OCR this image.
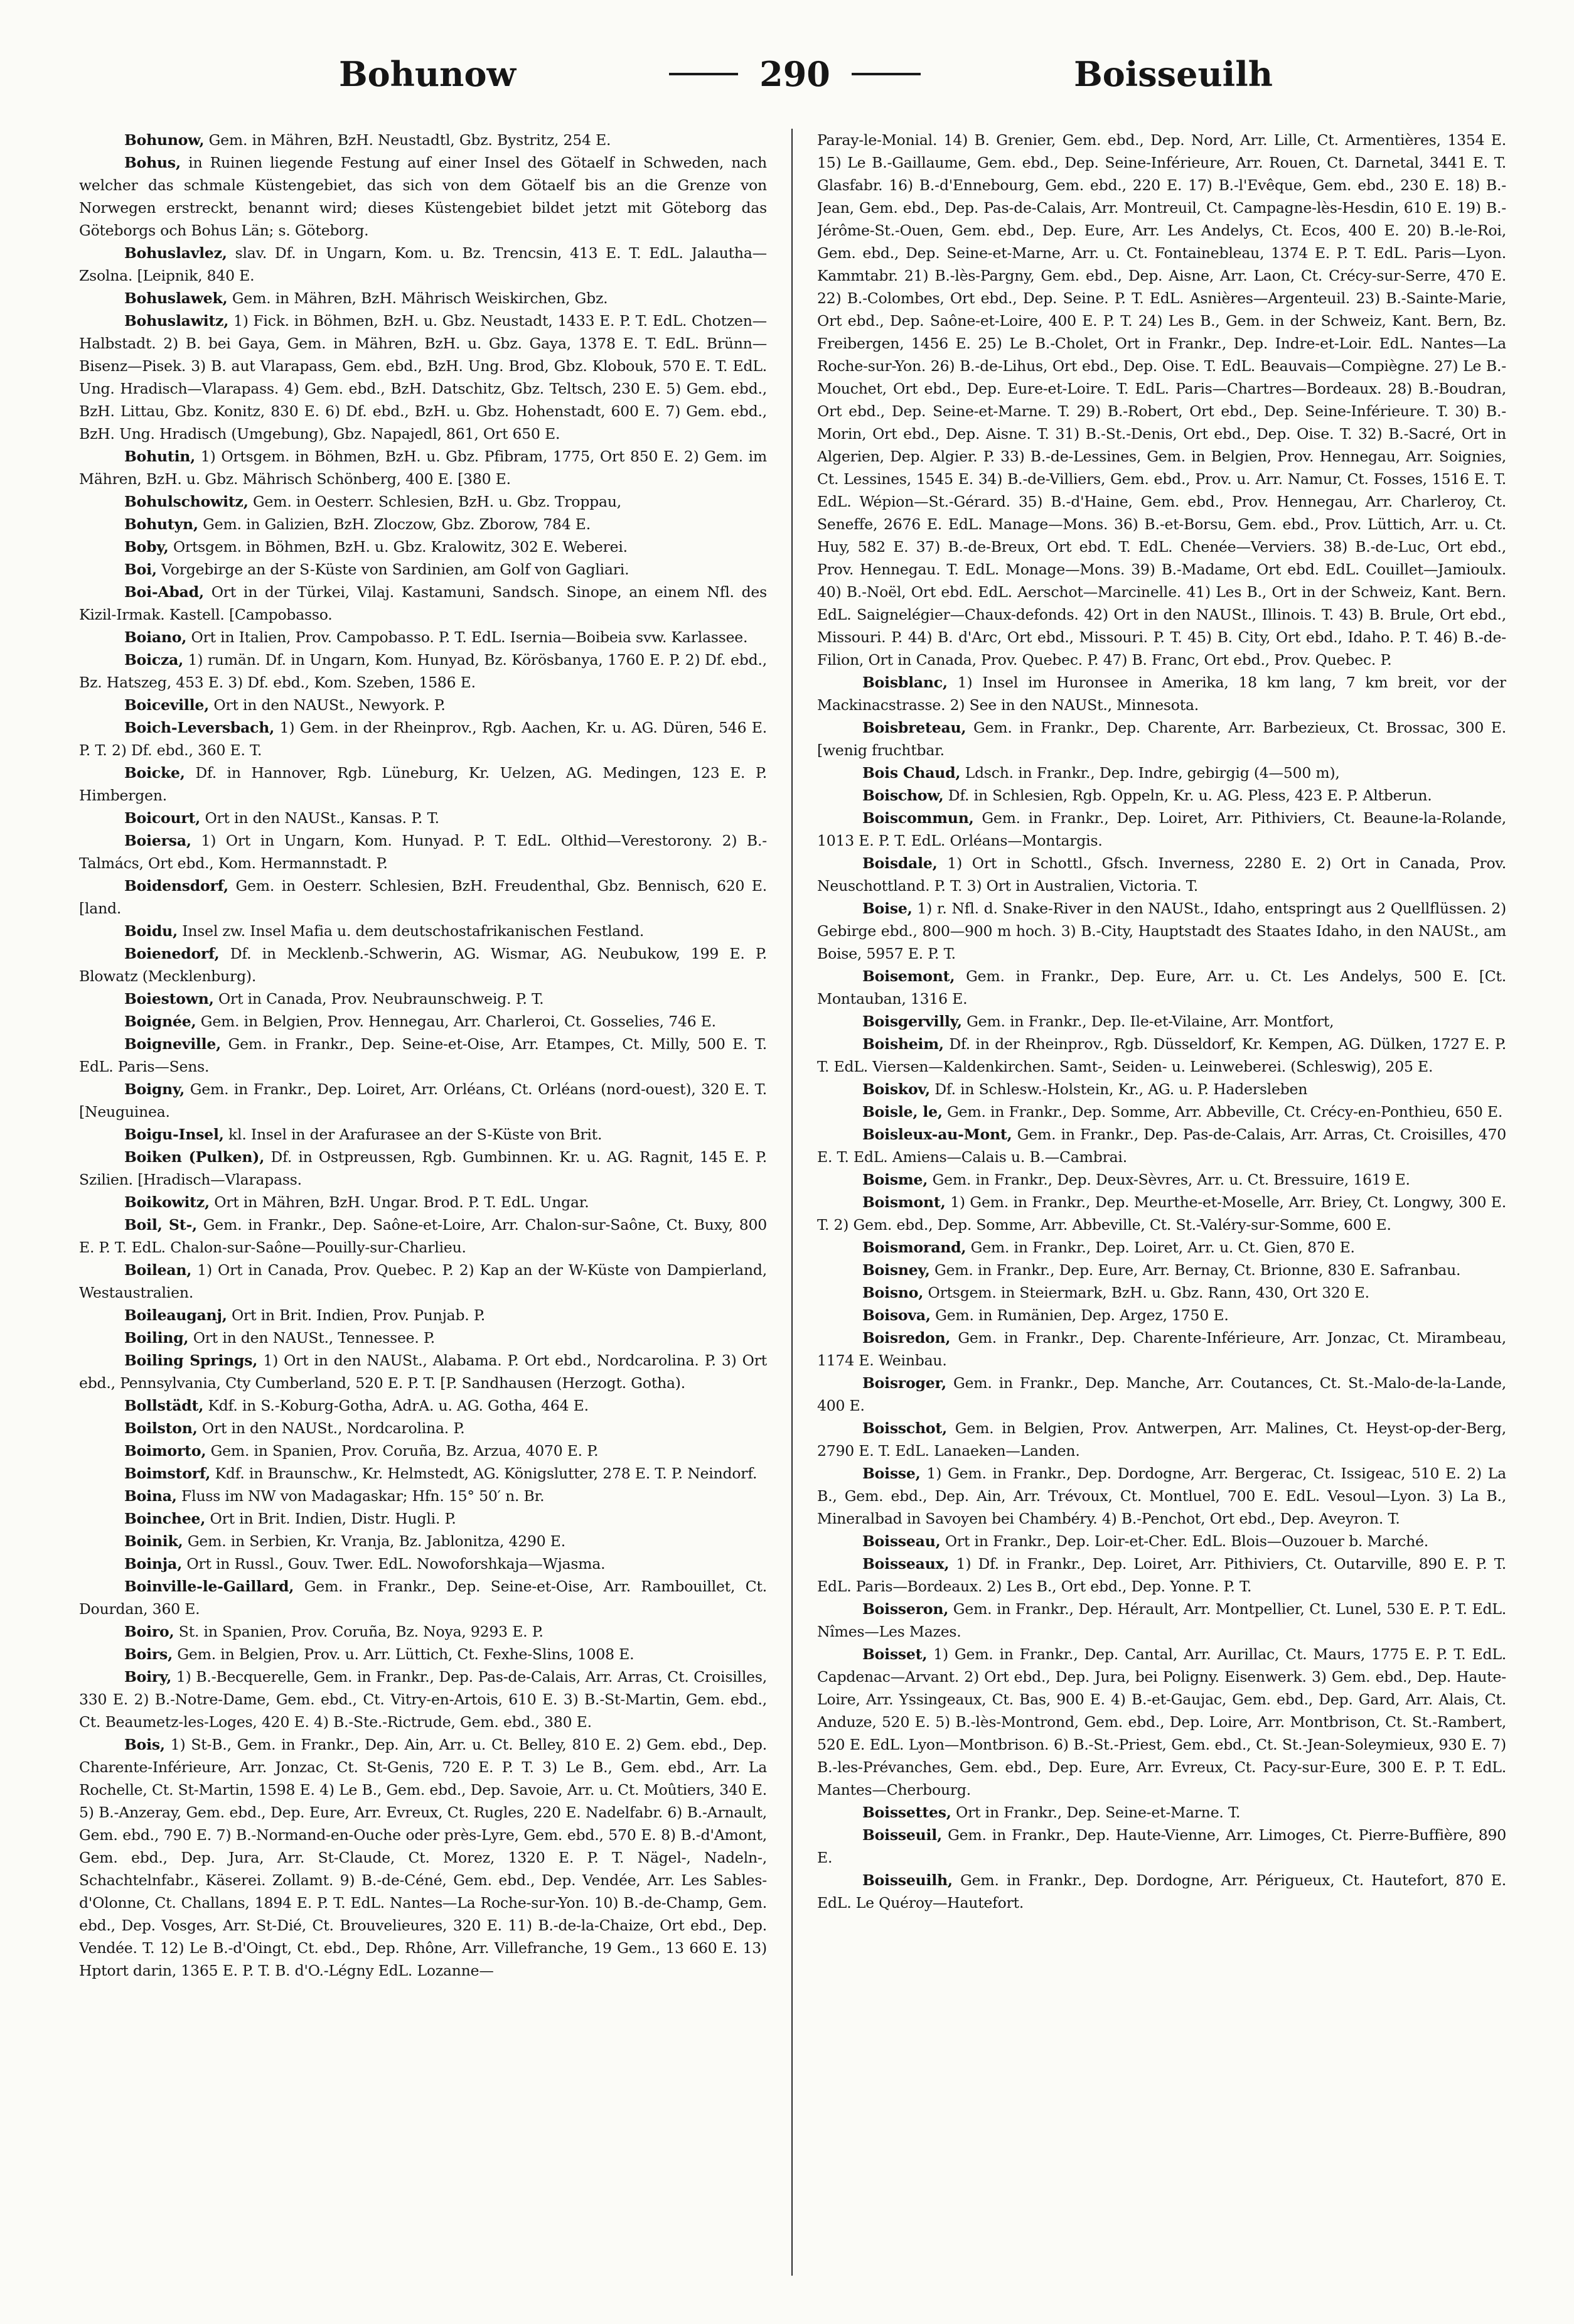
Bohunow	290	Boisseuilh

Bohunow, Gem. in Mähren, BzH. Neustadtl, Gbz. Bystritz, 254 E.

Bohus, in Ruinen liegende Festung auf einer Insel des Götaelf in Schweden, nach welcher das schmale Küstengebiet, das sich von dem Götaelf bis an die Grenze von Norwegen erstreckt, benannt wird; dieses Küstengebiet bildet jetzt mit Göteborg das Göteborgs och Bohus Län; s. Göteborg.

Bohuslavlez, slav. Df. in Ungarn, Kom. u. Bz. Trencsin, 413 E. T. EdL. Jalautha—Zsolna. [Leipnik, 840 E.

Bohuslawek, Gem. in Mähren, BzH. Mährisch Weiskirchen, Gbz.

Bohuslawitz, 1) Fick. in Böhmen, BzH. u. Gbz. Neustadt, 1433 E. P. T. EdL. Chotzen—Halbstadt. 2) B. bei Gaya, Gem. in Mähren, BzH. u. Gbz. Gaya, 1378 E. T. EdL. Brünn—Bisenz—Pisek. 3) B. aut Vlarapass, Gem. ebd., BzH. Ung. Brod, Gbz. Klobouk, 570 E. T. EdL. Ung. Hradisch—Vlarapass. 4) Gem. ebd., BzH. Datschitz, Gbz. Teltsch, 230 E. 5) Gem. ebd., BzH. Littau, Gbz. Konitz, 830 E. 6) Df. ebd., BzH. u. Gbz. Hohenstadt, 600 E. 7) Gem. ebd., BzH. Ung. Hradisch (Umgebung), Gbz. Napajedl, 861, Ort 650 E.

Bohutin, 1) Ortsgem. in Böhmen, BzH. u. Gbz. Pfibram, 1775, Ort 850 E. 2) Gem. im Mähren, BzH. u. Gbz. Mährisch Schönberg, 400 E. [380 E.

Bohulschowitz, Gem. in Oesterr. Schlesien, BzH. u. Gbz. Troppau,

Bohutyn, Gem. in Galizien, BzH. Zloczow, Gbz. Zborow, 784 E.

Boby, Ortsgem. in Böhmen, BzH. u. Gbz. Kralowitz, 302 E. Weberei.

Boi, Vorgebirge an der S-Küste von Sardinien, am Golf von Gagliari.

Boi-Abad, Ort in der Türkei, Vilaj. Kastamuni, Sandsch. Sinope, an einem Nfl. des Kizil-Irmak. Kastell. [Campobasso.

Boiano, Ort in Italien, Prov. Campobasso. P. T. EdL. Isernia—Boibeia svw. Karlassee.

Boicza, 1) rumän. Df. in Ungarn, Kom. Hunyad, Bz. Körösbanya, 1760 E. P. 2) Df. ebd., Bz. Hatszeg, 453 E. 3) Df. ebd., Kom. Szeben, 1586 E.

Boiceville, Ort in den NAUSt., Newyork. P.

Boich-Leversbach, 1) Gem. in der Rheinprov., Rgb. Aachen, Kr. u. AG. Düren, 546 E. P. T. 2) Df. ebd., 360 E. T.

Boicke, Df. in Hannover, Rgb. Lüneburg, Kr. Uelzen, AG. Medingen, 123 E. P. Himbergen.

Boicourt, Ort in den NAUSt., Kansas. P. T.

Boiersa, 1) Ort in Ungarn, Kom. Hunyad. P. T. EdL. Olthid—Verestorony. 2) B.-Talmács, Ort ebd., Kom. Hermannstadt. P.

Boidensdorf, Gem. in Oesterr. Schlesien, BzH. Freudenthal, Gbz. Bennisch, 620 E. [land.

Boidu, Insel zw. Insel Mafia u. dem deutschostafrikanischen Festland.

Boienedorf, Df. in Mecklenb.-Schwerin, AG. Wismar, AG. Neubukow, 199 E. P. Blowatz (Mecklenburg).

Boiestown, Ort in Canada, Prov. Neubraunschweig. P. T.

Boignée, Gem. in Belgien, Prov. Hennegau, Arr. Charleroi, Ct. Gosselies, 746 E.

Boigneville, Gem. in Frankr., Dep. Seine-et-Oise, Arr. Etampes, Ct. Milly, 500 E. T. EdL. Paris—Sens.

Boigny, Gem. in Frankr., Dep. Loiret, Arr. Orléans, Ct. Orléans (nord-ouest), 320 E. T. [Neuguinea.

Boigu-Insel, kl. Insel in der Arafurasee an der S-Küste von Brit.

Boiken (Pulken), Df. in Ostpreussen, Rgb. Gumbinnen. Kr. u. AG. Ragnit, 145 E. P. Szilien. [Hradisch—Vlarapass.

Boikowitz, Ort in Mähren, BzH. Ungar. Brod. P. T. EdL. Ungar.

Boil, St-, Gem. in Frankr., Dep. Saône-et-Loire, Arr. Chalon-sur-Saône, Ct. Buxy, 800 E. P. T. EdL. Chalon-sur-Saône—Pouilly-sur-Charlieu.

Boilean, 1) Ort in Canada, Prov. Quebec. P. 2) Kap an der W-Küste von Dampierland, Westaustralien.

Boileauganj, Ort in Brit. Indien, Prov. Punjab. P.

Boiling, Ort in den NAUSt., Tennessee. P.

Boiling Springs, 1) Ort in den NAUSt., Alabama. P. Ort ebd., Nordcarolina. P. 3) Ort ebd., Pennsylvania, Cty Cumberland, 520 E. P. T. [P. Sandhausen (Herzogt. Gotha).

Bollstädt, Kdf. in S.-Koburg-Gotha, AdrA. u. AG. Gotha, 464 E.

Boilston, Ort in den NAUSt., Nordcarolina. P.

Boimorto, Gem. in Spanien, Prov. Coruña, Bz. Arzua, 4070 E. P.

Boimstorf, Kdf. in Braunschw., Kr. Helmstedt, AG. Königslutter, 278 E. T. P. Neindorf.

Boina, Fluss im NW von Madagaskar; Hfn. 15° 50′ n. Br.

Boinchee, Ort in Brit. Indien, Distr. Hugli. P.

Boinik, Gem. in Serbien, Kr. Vranja, Bz. Jablonitza, 4290 E.

Boinja, Ort in Russl., Gouv. Twer. EdL. Nowoforshkaja—Wjasma.

Boinville-le-Gaillard, Gem. in Frankr., Dep. Seine-et-Oise, Arr. Rambouillet, Ct. Dourdan, 360 E.

Boiro, St. in Spanien, Prov. Coruña, Bz. Noya, 9293 E. P.

Boirs, Gem. in Belgien, Prov. u. Arr. Lüttich, Ct. Fexhe-Slins, 1008 E.

Boiry, 1) B.-Becquerelle, Gem. in Frankr., Dep. Pas-de-Calais, Arr. Arras, Ct. Croisilles, 330 E. 2) B.-Notre-Dame, Gem. ebd., Ct. Vitry-en-Artois, 610 E. 3) B.-St-Martin, Gem. ebd., Ct. Beaumetz-les-Loges, 420 E. 4) B.-Ste.-Rictrude, Gem. ebd., 380 E.

Bois, 1) St-B., Gem. in Frankr., Dep. Ain, Arr. u. Ct. Belley, 810 E. 2) Gem. ebd., Dep. Charente-Inférieure, Arr. Jonzac, Ct. St-Genis, 720 E. P. T. 3) Le B., Gem. ebd., Arr. La Rochelle, Ct. St-Martin, 1598 E. 4) Le B., Gem. ebd., Dep. Savoie, Arr. u. Ct. Moûtiers, 340 E. 5) B.-Anzeray, Gem. ebd., Dep. Eure, Arr. Evreux, Ct. Rugles, 220 E. Nadelfabr. 6) B.-Arnault, Gem. ebd., 790 E. 7) B.-Normand-en-Ouche oder près-Lyre, Gem. ebd., 570 E. 8) B.-d'Amont, Gem. ebd., Dep. Jura, Arr. St-Claude, Ct. Morez, 1320 E. P. T. Nägel-, Nadeln-, Schachtelnfabr., Käserei. Zollamt. 9) B.-de-Céné, Gem. ebd., Dep. Vendée, Arr. Les Sables-d'Olonne, Ct. Challans, 1894 E. P. T. EdL. Nantes—La Roche-sur-Yon. 10) B.-de-Champ, Gem. ebd., Dep. Vosges, Arr. St-Dié, Ct. Brouvelieures, 320 E. 11) B.-de-la-Chaize, Ort ebd., Dep. Vendée. T. 12) Le B.-d'Oingt, Ct. ebd., Dep. Rhône, Arr. Villefranche, 19 Gem., 13 660 E. 13) Hptort darin, 1365 E. P. T. B. d'O.-Légny EdL. Lozanne—

Paray-le-Monial. 14) B. Grenier, Gem. ebd., Dep. Nord, Arr. Lille, Ct. Armentières, 1354 E. 15) Le B.-Gaillaume, Gem. ebd., Dep. Seine-Inférieure, Arr. Rouen, Ct. Darnetal, 3441 E. T. Glasfabr. 16) B.-d'Ennebourg, Gem. ebd., 220 E. 17) B.-l'Evêque, Gem. ebd., 230 E. 18) B.-Jean, Gem. ebd., Dep. Pas-de-Calais, Arr. Montreuil, Ct. Campagne-lès-Hesdin, 610 E. 19) B.-Jérôme-St.-Ouen, Gem. ebd., Dep. Eure, Arr. Les Andelys, Ct. Ecos, 400 E. 20) B.-le-Roi, Gem. ebd., Dep. Seine-et-Marne, Arr. u. Ct. Fontainebleau, 1374 E. P. T. EdL. Paris—Lyon. Kammtabr. 21) B.-lès-Pargny, Gem. ebd., Dep. Aisne, Arr. Laon, Ct. Crécy-sur-Serre, 470 E. 22) B.-Colombes, Ort ebd., Dep. Seine. P. T. EdL. Asnières—Argenteuil. 23) B.-Sainte-Marie, Ort ebd., Dep. Saône-et-Loire, 400 E. P. T. 24) Les B., Gem. in der Schweiz, Kant. Bern, Bz. Freibergen, 1456 E. 25) Le B.-Cholet, Ort in Frankr., Dep. Indre-et-Loir. EdL. Nantes—La Roche-sur-Yon. 26) B.-de-Lihus, Ort ebd., Dep. Oise. T. EdL. Beauvais—Compiègne. 27) Le B.-Mouchet, Ort ebd., Dep. Eure-et-Loire. T. EdL. Paris—Chartres—Bordeaux. 28) B.-Boudran, Ort ebd., Dep. Seine-et-Marne. T. 29) B.-Robert, Ort ebd., Dep. Seine-Inférieure. T. 30) B.-Morin, Ort ebd., Dep. Aisne. T. 31) B.-St.-Denis, Ort ebd., Dep. Oise. T. 32) B.-Sacré, Ort in Algerien, Dep. Algier. P. 33) B.-de-Lessines, Gem. in Belgien, Prov. Hennegau, Arr. Soignies, Ct. Lessines, 1545 E. 34) B.-de-Villiers, Gem. ebd., Prov. u. Arr. Namur, Ct. Fosses, 1516 E. T. EdL. Wépion—St.-Gérard. 35) B.-d'Haine, Gem. ebd., Prov. Hennegau, Arr. Charleroy, Ct. Seneffe, 2676 E. EdL. Manage—Mons. 36) B.-et-Borsu, Gem. ebd., Prov. Lüttich, Arr. u. Ct. Huy, 582 E. 37) B.-de-Breux, Ort ebd. T. EdL. Chenée—Verviers. 38) B.-de-Luc, Ort ebd., Prov. Hennegau. T. EdL. Monage—Mons. 39) B.-Madame, Ort ebd. EdL. Couillet—Jamioulx. 40) B.-Noël, Ort ebd. EdL. Aerschot—Marcinelle. 41) Les B., Ort in der Schweiz, Kant. Bern. EdL. Saignelégier—Chaux-defonds. 42) Ort in den NAUSt., Illinois. T. 43) B. Brule, Ort ebd., Missouri. P. 44) B. d'Arc, Ort ebd., Missouri. P. T. 45) B. City, Ort ebd., Idaho. P. T. 46) B.-de-Filion, Ort in Canada, Prov. Quebec. P. 47) B. Franc, Ort ebd., Prov. Quebec. P.

Boisblanc, 1) Insel im Huronsee in Amerika, 18 km lang, 7 km breit, vor der Mackinacstrasse. 2) See in den NAUSt., Minnesota.

Boisbreteau, Gem. in Frankr., Dep. Charente, Arr. Barbezieux, Ct. Brossac, 300 E. [wenig fruchtbar.

Bois Chaud, Ldsch. in Frankr., Dep. Indre, gebirgig (4—500 m),

Boischow, Df. in Schlesien, Rgb. Oppeln, Kr. u. AG. Pless, 423 E. P. Altberun.

Boiscommun, Gem. in Frankr., Dep. Loiret, Arr. Pithiviers, Ct. Beaune-la-Rolande, 1013 E. P. T. EdL. Orléans—Montargis.

Boisdale, 1) Ort in Schottl., Gfsch. Inverness, 2280 E. 2) Ort in Canada, Prov. Neuschottland. P. T. 3) Ort in Australien, Victoria. T.

Boise, 1) r. Nfl. d. Snake-River in den NAUSt., Idaho, entspringt aus 2 Quellflüssen. 2) Gebirge ebd., 800—900 m hoch. 3) B.-City, Hauptstadt des Staates Idaho, in den NAUSt., am Boise, 5957 E. P. T.

Boisemont, Gem. in Frankr., Dep. Eure, Arr. u. Ct. Les Andelys, 500 E. [Ct. Montauban, 1316 E.

Boisgervilly, Gem. in Frankr., Dep. Ile-et-Vilaine, Arr. Montfort,

Boisheim, Df. in der Rheinprov., Rgb. Düsseldorf, Kr. Kempen, AG. Dülken, 1727 E. P. T. EdL. Viersen—Kaldenkirchen. Samt-, Seiden- u. Leinweberei. (Schleswig), 205 E.

Boiskov, Df. in Schlesw.-Holstein, Kr., AG. u. P. Hadersleben

Boisle, le, Gem. in Frankr., Dep. Somme, Arr. Abbeville, Ct. Crécy-en-Ponthieu, 650 E.

Boisleux-au-Mont, Gem. in Frankr., Dep. Pas-de-Calais, Arr. Arras, Ct. Croisilles, 470 E. T. EdL. Amiens—Calais u. B.—Cambrai.

Boisme, Gem. in Frankr., Dep. Deux-Sèvres, Arr. u. Ct. Bressuire, 1619 E.

Boismont, 1) Gem. in Frankr., Dep. Meurthe-et-Moselle, Arr. Briey, Ct. Longwy, 300 E. T. 2) Gem. ebd., Dep. Somme, Arr. Abbeville, Ct. St.-Valéry-sur-Somme, 600 E.

Boismorand, Gem. in Frankr., Dep. Loiret, Arr. u. Ct. Gien, 870 E.

Boisney, Gem. in Frankr., Dep. Eure, Arr. Bernay, Ct. Brionne, 830 E. Safranbau.

Boisno, Ortsgem. in Steiermark, BzH. u. Gbz. Rann, 430, Ort 320 E.

Boisova, Gem. in Rumänien, Dep. Argez, 1750 E.

Boisredon, Gem. in Frankr., Dep. Charente-Inférieure, Arr. Jonzac, Ct. Mirambeau, 1174 E. Weinbau.

Boisroger, Gem. in Frankr., Dep. Manche, Arr. Coutances, Ct. St.-Malo-de-la-Lande, 400 E.

Boisschot, Gem. in Belgien, Prov. Antwerpen, Arr. Malines, Ct. Heyst-op-der-Berg, 2790 E. T. EdL. Lanaeken—Landen.

Boisse, 1) Gem. in Frankr., Dep. Dordogne, Arr. Bergerac, Ct. Issigeac, 510 E. 2) La B., Gem. ebd., Dep. Ain, Arr. Trévoux, Ct. Montluel, 700 E. EdL. Vesoul—Lyon. 3) La B., Mineralbad in Savoyen bei Chambéry. 4) B.-Penchot, Ort ebd., Dep. Aveyron. T.

Boisseau, Ort in Frankr., Dep. Loir-et-Cher. EdL. Blois—Ouzouer b. Marché.

Boisseaux, 1) Df. in Frankr., Dep. Loiret, Arr. Pithiviers, Ct. Outarville, 890 E. P. T. EdL. Paris—Bordeaux. 2) Les B., Ort ebd., Dep. Yonne. P. T.

Boisseron, Gem. in Frankr., Dep. Hérault, Arr. Montpellier, Ct. Lunel, 530 E. P. T. EdL. Nîmes—Les Mazes.

Boisset, 1) Gem. in Frankr., Dep. Cantal, Arr. Aurillac, Ct. Maurs, 1775 E. P. T. EdL. Capdenac—Arvant. 2) Ort ebd., Dep. Jura, bei Poligny. Eisenwerk. 3) Gem. ebd., Dep. Haute-Loire, Arr. Yssingeaux, Ct. Bas, 900 E. 4) B.-et-Gaujac, Gem. ebd., Dep. Gard, Arr. Alais, Ct. Anduze, 520 E. 5) B.-lès-Montrond, Gem. ebd., Dep. Loire, Arr. Montbrison, Ct. St.-Rambert, 520 E. EdL. Lyon—Montbrison. 6) B.-St.-Priest, Gem. ebd., Ct. St.-Jean-Soleymieux, 930 E. 7) B.-les-Prévanches, Gem. ebd., Dep. Eure, Arr. Evreux, Ct. Pacy-sur-Eure, 300 E. P. T. EdL. Mantes—Cherbourg.

Boissettes, Ort in Frankr., Dep. Seine-et-Marne. T.

Boisseuil, Gem. in Frankr., Dep. Haute-Vienne, Arr. Limoges, Ct. Pierre-Buffière, 890 E.

Boisseuilh, Gem. in Frankr., Dep. Dordogne, Arr. Périgueux, Ct. Hautefort, 870 E. EdL. Le Quéroy—Hautefort.
